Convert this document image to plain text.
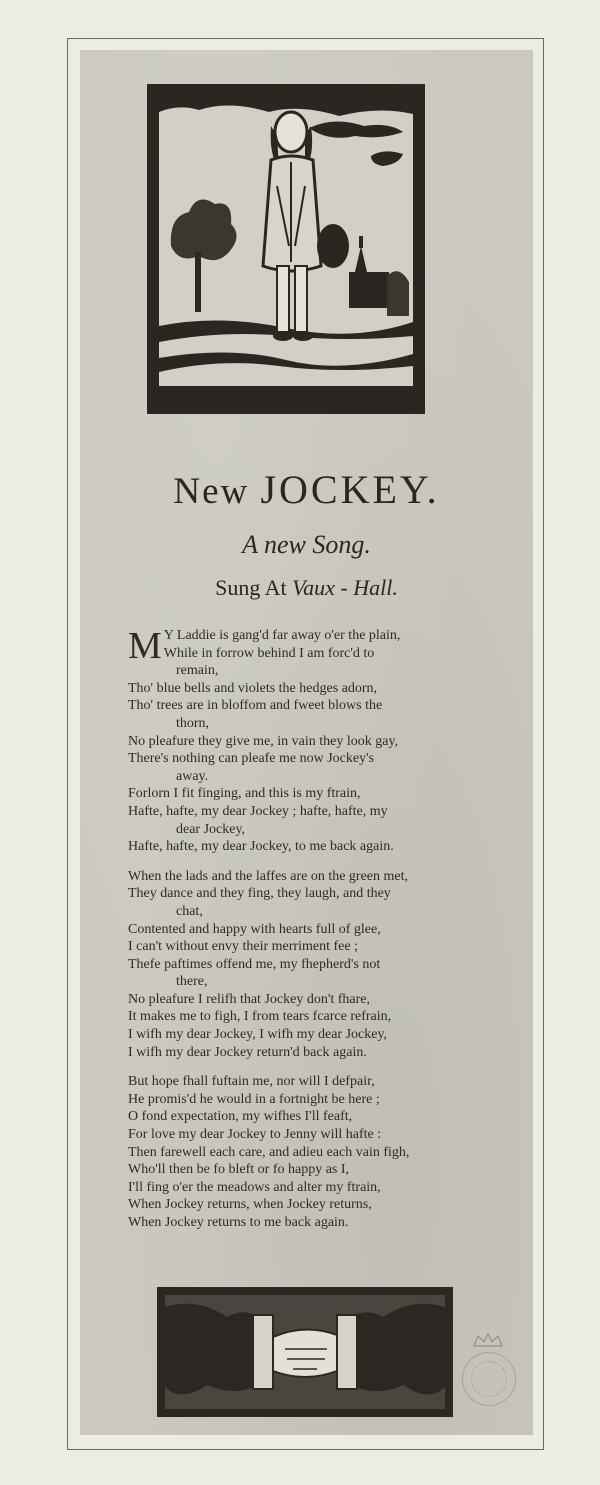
New JOCKEY.
A new Song.
Sung At Vaux - Hall.
M Y Laddie is gang'd far away o'er the plain,
While in forrow behind I am forc'd to
remain,
Tho' blue bells and violets the hedges adorn,
Tho' trees are in bloffom and fweet blows the
thorn,
No pleafure they give me, in vain they look gay,
There's nothing can pleafe me now Jockey's
away.
Forlorn I fit finging, and this is my ftrain,
Hafte, hafte, my dear Jockey ; hafte, hafte, my
dear Jockey,
Hafte, hafte, my dear Jockey, to me back again.
When the lads and the laffes are on the green met,
They dance and they fing, they laugh, and they
chat,
Contented and happy with hearts full of glee,
I can't without envy their merriment fee ;
Thefe paftimes offend me, my fhepherd's not
there,
No pleafure I relifh that Jockey don't fhare,
It makes me to figh, I from tears fcarce refrain,
I wifh my dear Jockey, I wifh my dear Jockey,
I wifh my dear Jockey return'd back again.
But hope fhall fuftain me, nor will I defpair,
He promis'd he would in a fortnight be here ;
O fond expectation, my wifhes I'll feaft,
For love my dear Jockey to Jenny will hafte :
Then farewell each care, and adieu each vain figh,
Who'll then be fo bleft or fo happy as I,
I'll fing o'er the meadows and alter my ftrain,
When Jockey returns, when Jockey returns,
When Jockey returns to me back again.
